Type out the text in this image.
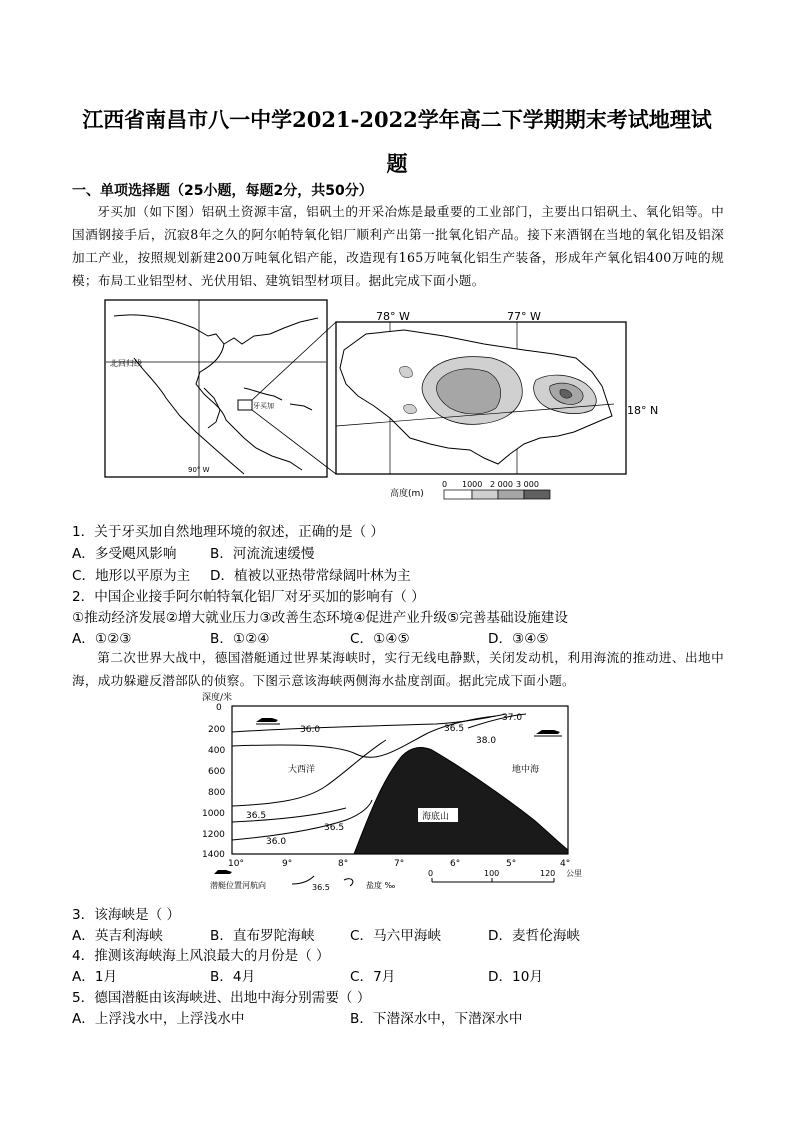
江西省南昌市八一中学2021-2022学年高二下学期期末考试地理试
题
一、单项选择题（25小题，每题2分，共50分）
牙买加（如下图）铝矾土资源丰富，铝矾土的开采冶炼是最重要的工业部门，主要出口铝矾土、氧化铝等。中国酒钢接手后，沉寂8年之久的阿尔帕特氧化铝厂顺利产出第一批氧化铝产品。接下来酒钢在当地的氧化铝及铝深加工产业，按照规划新建200万吨氧化铝产能，改造现有165万吨氧化铝生产装备，形成年产氧化铝400万吨的规模；布局工业铝型材、光伏用铝、建筑铝型材项目。据此完成下面小题。
北回归线
90° W
牙买加
78° W	77° W
18° N
高度(m)
0 1000 2 000 3 000
1．关于牙买加自然地理环境的叙述，正确的是（ ）
A．多受飓风影响 B．河流流速缓慢
C．地形以平原为主 D．植被以亚热带常绿阔叶林为主
2．中国企业接手阿尔帕特氧化铝厂对牙买加的影响有（ ）
①推动经济发展②增大就业压力③改善生态环境④促进产业升级⑤完善基础设施建设
A．①②③	B．①②④	C．①④⑤	D．③④⑤
第二次世界大战中，德国潜艇通过世界某海峡时，实行无线电静默，关闭发动机，利用海流的推动进、出地中海，成功躲避反潜部队的侦察。下图示意该海峡两侧海水盐度剖面。据此完成下面小题。
深度/米
0
200
400
600
800
1000
1200
1400
10°	9°	8°	7°	6°	5°	4°
海底山
36.0	36.5
37.0
38.0
36.5
36.5
36.0
大西洋	地中海
潜艇位置河航向	36.5	盐度 ‰
0	100	120 公里
3．该海峡是（ ）
A．英吉利海峡	B．直布罗陀海峡	C．马六甲海峡	D．麦哲伦海峡
4．推测该海峡海上风浪最大的月份是（ ）
A．1月	B．4月	C．7月	D．10月
5．德国潜艇由该海峡进、出地中海分别需要（ ）
A．上浮浅水中，上浮浅水中	B．下潜深水中，下潜深水中
